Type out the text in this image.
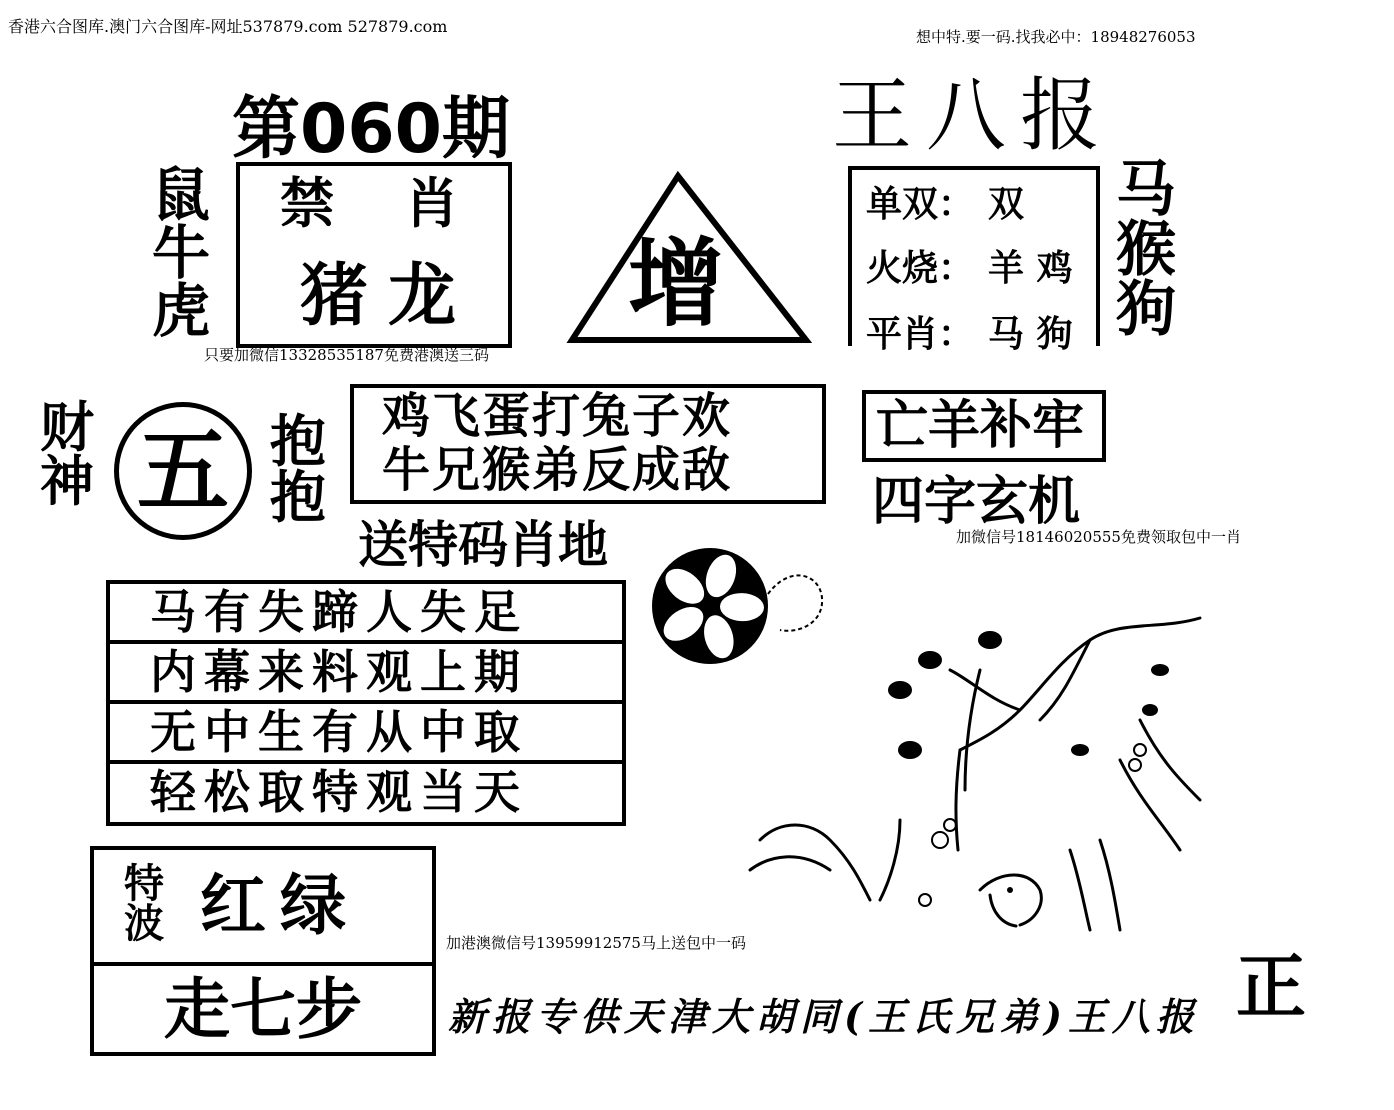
香港六合图库.澳门六合图库-网址537879.com 527879.com
想中特.要一码.找我必中：18948276053
第060期
鼠
牛
虎
禁 肖
猪龙 增
王八报
单双： 双
火烧： 羊 鸡
平肖： 马 狗
马
猴
狗
只要加微信13328535187免费港澳送三码
财
神 五 抱
抱
鸡飞蛋打兔子欢
牛兄猴弟反成敌
亡羊补牢
四字玄机
加微信号18146020555免费领取包中一肖
送特码肖地
马有失蹄人失足
内幕来料观上期
无中生有从中取
轻松取特观当天
特
波 红绿
走七步
加港澳微信号13959912575马上送包中一码
新报专供天津大胡同(王氏兄弟)王八报 正
